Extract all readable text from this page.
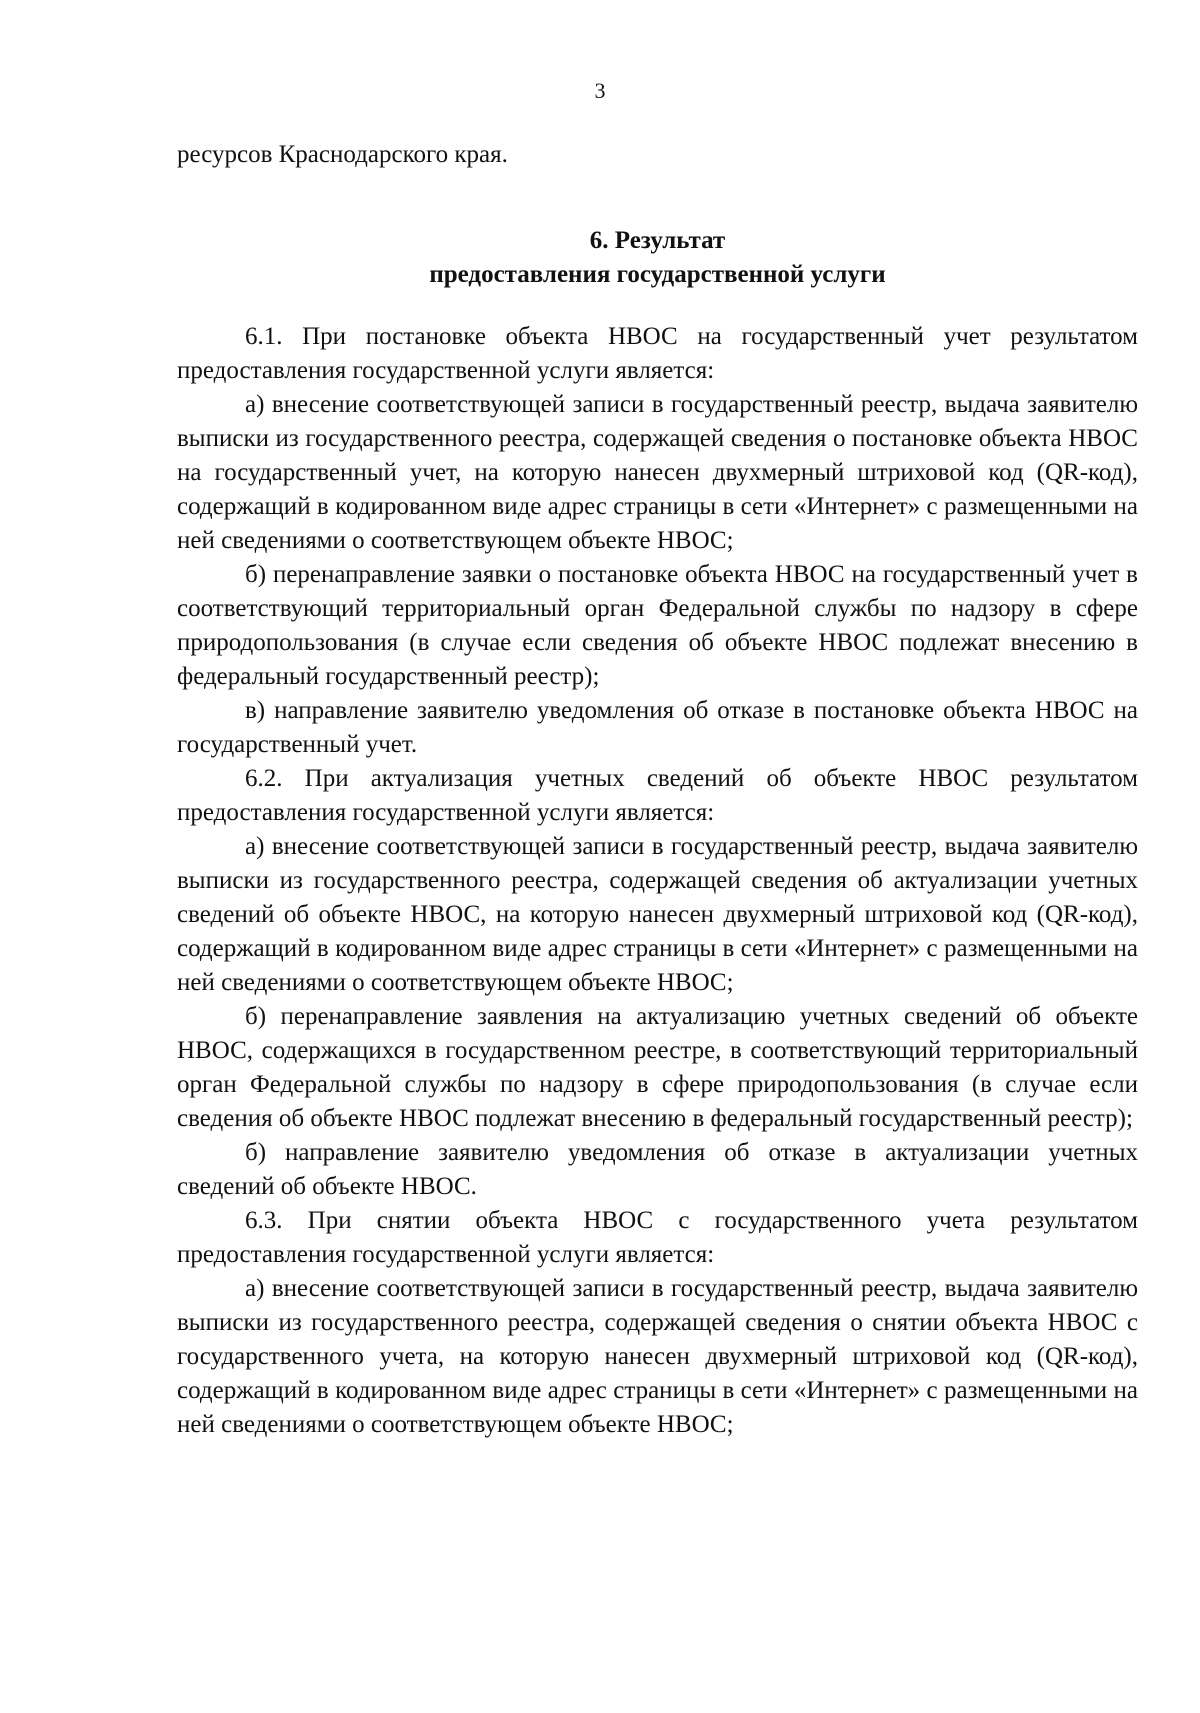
3

ресурсов Краснодарского края.

6. Результат
предоставления государственной услуги

6.1. При постановке объекта НВОС на государственный учет результатом предоставления государственной услуги является:

а) внесение соответствующей записи в государственный реестр, выдача заявителю выписки из государственного реестра, содержащей сведения о постановке объекта НВОС на государственный учет, на которую нанесен двухмерный штриховой код (QR-код), содержащий в кодированном виде адрес страницы в сети «Интернет» с размещенными на ней сведениями о соответствующем объекте НВОС;

б) перенаправление заявки о постановке объекта НВОС на государственный учет в соответствующий территориальный орган Федеральной службы по надзору в сфере природопользования (в случае если сведения об объекте НВОС подлежат внесению в федеральный государственный реестр);

в) направление заявителю уведомления об отказе в постановке объекта НВОС на государственный учет.

6.2. При актуализация учетных сведений об объекте НВОС результатом предоставления государственной услуги является:

а) внесение соответствующей записи в государственный реестр, выдача заявителю выписки из государственного реестра, содержащей сведения об актуализации учетных сведений об объекте НВОС, на которую нанесен двухмерный штриховой код (QR-код), содержащий в кодированном виде адрес страницы в сети «Интернет» с размещенными на ней сведениями о соответствующем объекте НВОС;

б) перенаправление заявления на актуализацию учетных сведений об объекте НВОС, содержащихся в государственном реестре, в соответствующий территориальный орган Федеральной службы по надзору в сфере природопользования (в случае если сведения об объекте НВОС подлежат внесению в федеральный государственный реестр);

б) направление заявителю уведомления об отказе в актуализации учетных сведений об объекте НВОС.

6.3. При снятии объекта НВОС с государственного учета результатом предоставления государственной услуги является:

а) внесение соответствующей записи в государственный реестр, выдача заявителю выписки из государственного реестра, содержащей сведения о снятии объекта НВОС с государственного учета, на которую нанесен двухмерный штриховой код (QR-код), содержащий в кодированном виде адрес страницы в сети «Интернет» с размещенными на ней сведениями о соответствующем объекте НВОС;
